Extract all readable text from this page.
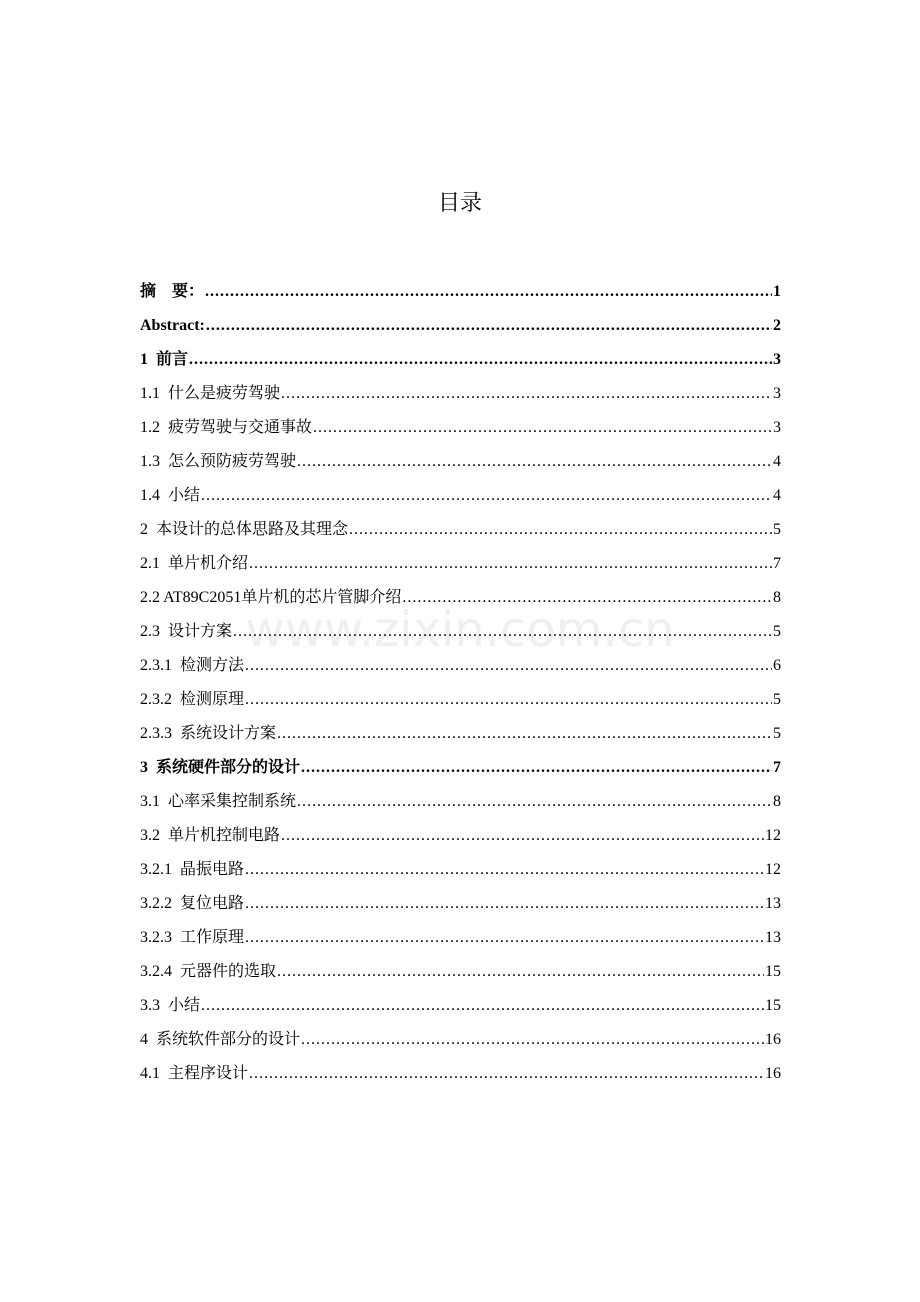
目录
www.zixin.com.cn
摘    要： .....	1
Abstract: .....	2
1  前言 .....	3
1.1  什么是疲劳驾驶 .....	3
1.2  疲劳驾驶与交通事故 .....	3
1.3  怎么预防疲劳驾驶 .....	4
1.4  小结 .....	4
2  本设计的总体思路及其理念 .....	5
2.1  单片机介绍 .....	7
2.2 AT89C2051单片机的芯片管脚介绍 .....	8
2.3  设计方案 .....	5
2.3.1  检测方法 .....	6
2.3.2  检测原理 .....	5
2.3.3  系统设计方案 .....	5
3  系统硬件部分的设计 .....	7
3.1  心率采集控制系统 .....	8
3.2  单片机控制电路 .....	12
3.2.1  晶振电路 .....	12
3.2.2  复位电路 .....	13
3.2.3  工作原理 .....	13
3.2.4  元器件的选取 .....	15
3.3  小结 .....	15
4  系统软件部分的设计 .....	16
4.1  主程序设计 .....	16
